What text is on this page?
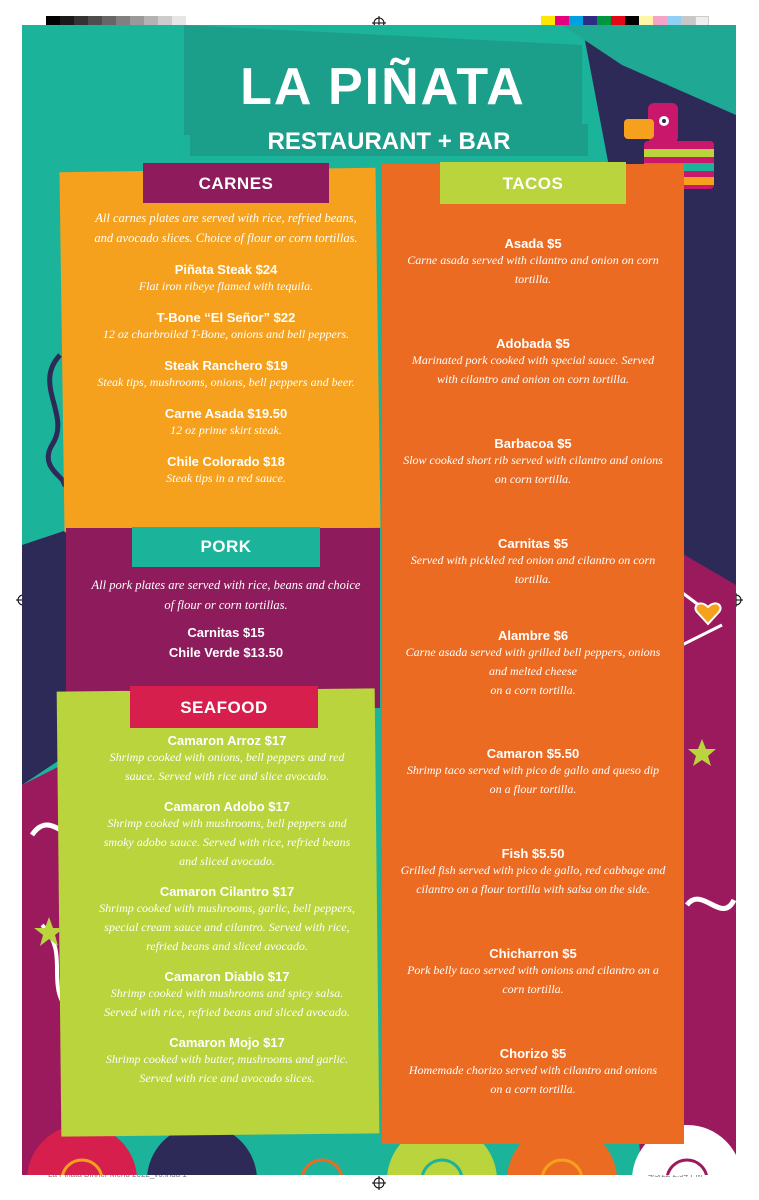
LA PIÑATA
RESTAURANT + BAR
CARNES

All carnes plates are served with rice, refried beans,

and avocado slices. Choice of flour or corn tortillas.

Piñata Steak $24

Flat iron ribeye flamed with tequila.

T-Bone “El Señor” $22

12 oz charbroiled T-Bone, onions and bell peppers.

Steak Ranchero $19

Steak tips, mushrooms, onions, bell peppers and beer.

Carne Asada $19.50

12 oz prime skirt steak.

Chile Colorado $18

Steak tips in a red sauce.

PORK

All pork plates are served with rice, beans and choice

of flour or corn tortillas.

Carnitas $15

Chile Verde $13.50

SEAFOOD

Camaron Arroz $17

Shrimp cooked with onions, bell peppers and red

sauce. Served with rice and slice avocado.

Camaron Adobo $17

Shrimp cooked with mushrooms, bell peppers and

smoky adobo sauce. Served with rice, refried beans

and sliced avocado.

Camaron Cilantro $17

Shrimp cooked with mushrooms, garlic, bell peppers,

special cream sauce and cilantro. Served with rice,

refried beans and sliced avocado.

Camaron Diablo $17

Shrimp cooked with mushrooms and spicy salsa.

Served with rice, refried beans and sliced avocado.

Camaron Mojo $17

Shrimp cooked with butter, mushrooms and garlic.

Served with rice and avocado slices.

TACOS

Asada $5

Carne asada served with cilantro and onion on corn

tortilla.

Adobada $5

Marinated pork cooked with special sauce. Served

with cilantro and onion on corn tortilla.

Barbacoa $5

Slow cooked short rib served with cilantro and onions

on corn tortilla.

Carnitas $5

Served with pickled red onion and cilantro on corn

tortilla.

Alambre $6

Carne asada served with grilled bell peppers, onions

and melted cheese

on a corn tortilla.

Camaron $5.50

Shrimp taco served with pico de gallo and queso dip

on a flour tortilla.

Fish $5.50

Grilled fish served with pico de gallo, red cabbage and

cilantro on a flour tortilla with salsa on the side.

Chicharron $5

Pork belly taco served with onions and cilantro on a

corn tortilla.

Chorizo $5

Homemade chorizo served with cilantro and onions

on a corn tortilla.
